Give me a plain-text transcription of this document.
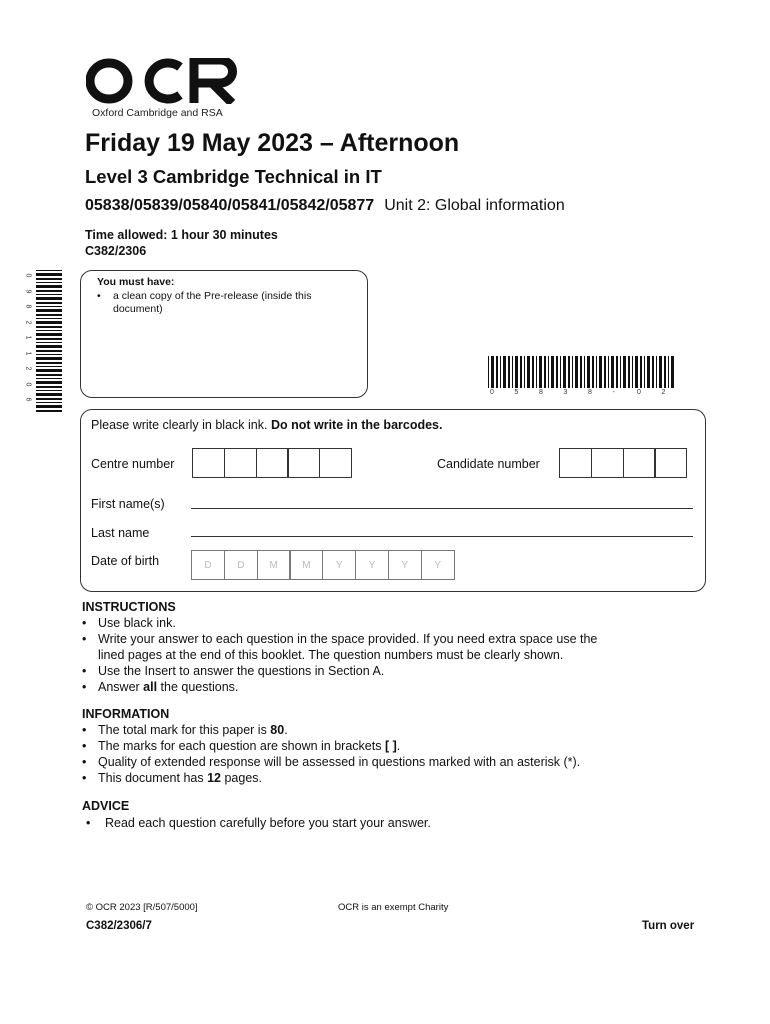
Oxford Cambridge and RSA
Friday 19 May 2023 – Afternoon
Level 3 Cambridge Technical in IT
05838/05839/05840/05841/05842/05877 Unit 2: Global information
Time allowed: 1 hour 30 minutes
C382/2306
0
9
8
2
1
1
2
0
6
You must have:
• a clean copy of the Pre-release (inside this document)
0	5	8	3	8	-	0	2
Please write clearly in black ink. Do not write in the barcodes.
Centre number	Candidate number
First name(s)
Last name
Date of birth	D	D	M	M	Y	Y	Y	Y
INSTRUCTIONS
• Use black ink.
• Write your answer to each question in the space provided. If you need extra space use the
lined pages at the end of this booklet. The question numbers must be clearly shown.
• Use the Insert to answer the questions in Section A.
• Answer all the questions.
INFORMATION
• The total mark for this paper is 80.
• The marks for each question are shown in brackets [ ].
• Quality of extended response will be assessed in questions marked with an asterisk (*).
• This document has 12 pages.
ADVICE
• Read each question carefully before you start your answer.
© OCR 2023 [R/507/5000]	OCR is an exempt Charity
C382/2306/7	Turn over
